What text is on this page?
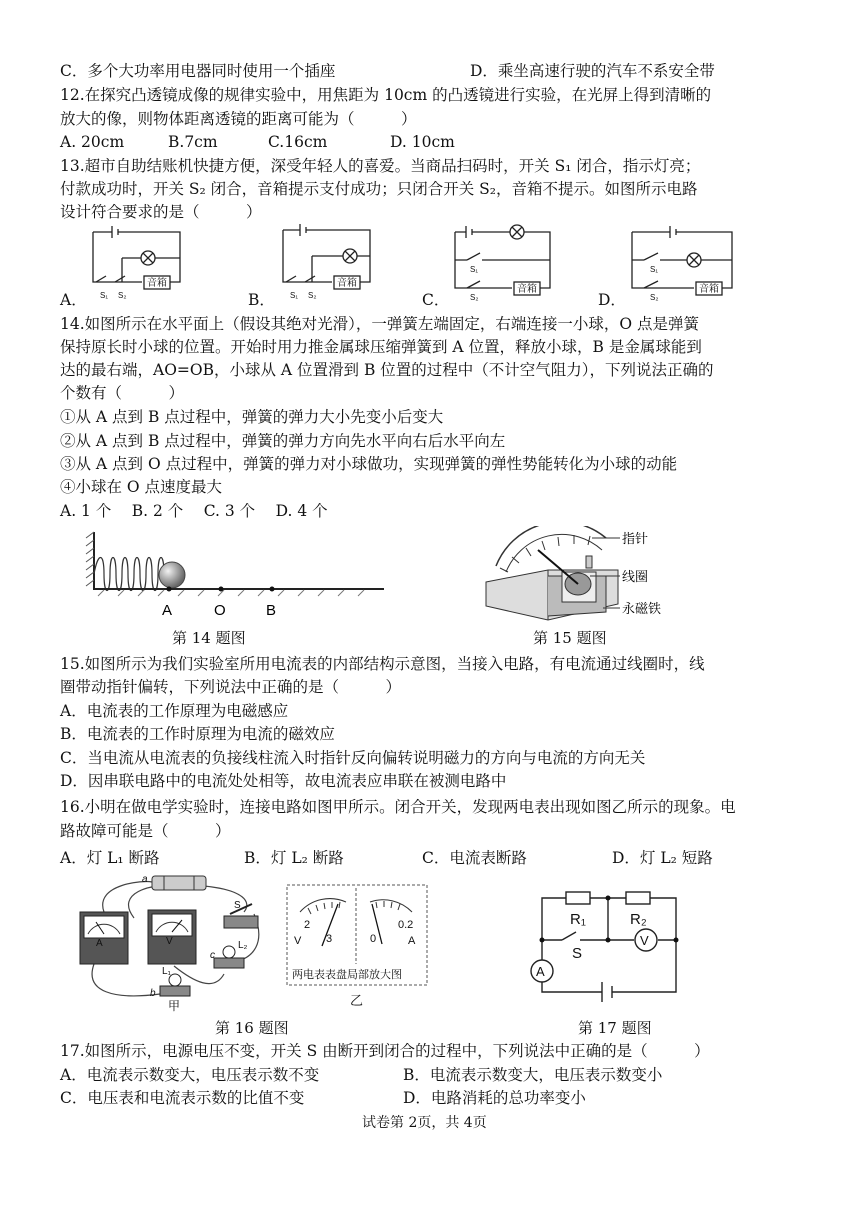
C．多个大功率用电器同时使用一个插座	D．乘坐高速行驶的汽车不系安全带
12.在探究凸透镜成像的规律实验中，用焦距为 10cm 的凸透镜进行实验，在光屏上得到清晰的
放大的像，则物体距离透镜的距离可能为（　　　）
A. 20cm	B.7cm	C.16cm	D. 10cm
13.超市自助结账机快捷方便，深受年轻人的喜爱。当商品扫码时，开关 S₁ 闭合，指示灯亮；
付款成功时，开关 S₂ 闭合，音箱提示支付成功；只闭合开关 S₂，音箱不提示。如图所示电路
设计符合要求的是（　　　）
音箱	音箱
音箱	音箱
S₁ S₂	S₁ S₂
S₁
S₂
S₁
S₂
A．	B．	C．	D．
14.如图所示在水平面上（假设其绝对光滑），一弹簧左端固定，右端连接一小球，O 点是弹簧
保持原长时小球的位置。开始时用力推金属球压缩弹簧到 A 位置，释放小球，B 是金属球能到
达的最右端，AO=OB，小球从 A 位置滑到 B 位置的过程中（不计空气阻力），下列说法正确的
个数有（　　　）
①从 A 点到 B 点过程中，弹簧的弹力大小先变小后变大
②从 A 点到 B 点过程中，弹簧的弹力方向先水平向右后水平向左
③从 A 点到 O 点过程中，弹簧的弹力对小球做功，实现弹簧的弹性势能转化为小球的动能
④小球在 O 点速度最大
A. 1 个　 B. 2 个　 C. 3 个　 D. 4 个
A	O	B
第 14 题图
指针
线圈
永磁铁
第 15 题图
15.如图所示为我们实验室所用电流表的内部结构示意图，当接入电路，有电流通过线圈时，线
圈带动指针偏转，下列说法中正确的是（　　　）
A．电流表的工作原理为电磁感应
B．电流表的工作时原理为电流的磁效应
C．当电流从电流表的负接线柱流入时指针反向偏转说明磁力的方向与电流的方向无关
D．因串联电路中的电流处处相等，故电流表应串联在被测电路中
16.小明在做电学实验时，连接电路如图甲所示。闭合开关，发现两电表出现如图乙所示的现象。电
路故障可能是（　　　）
A．灯 L₁ 断路	B．灯 L₂ 断路	C．电流表断路	D．灯 L₂ 短路
a
b
c
S
L₁
L₂
A	V
甲
2
3
V	0
0.2
A
两电表表盘局部放大图
乙
第 16 题图
R₁	R₂
V
A
S
第 17 题图
17.如图所示，电源电压不变，开关 S 由断开到闭合的过程中，下列说法中正确的是（　　　）
A．电流表示数变大，电压表示数不变	B．电流表示数变大，电压表示数变小
C．电压表和电流表示数的比值不变	D．电路消耗的总功率变小
试卷第 2页，共 4页
